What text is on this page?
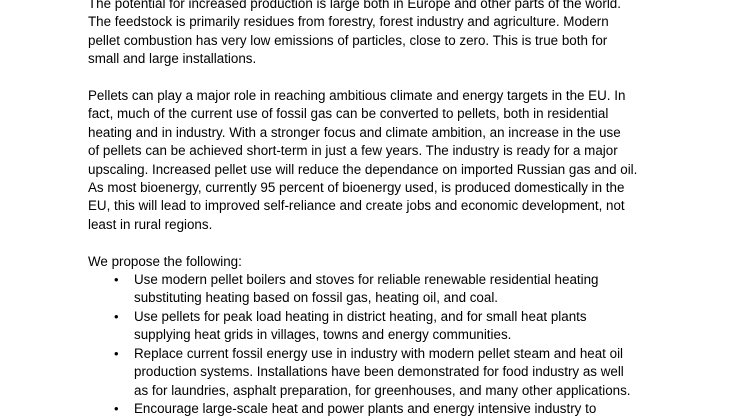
The potential for increased production is large both in Europe and other parts of the world.
The feedstock is primarily residues from forestry, forest industry and agriculture. Modern
pellet combustion has very low emissions of particles, close to zero. This is true both for
small and large installations.

Pellets can play a major role in reaching ambitious climate and energy targets in the EU. In
fact, much of the current use of fossil gas can be converted to pellets, both in residential
heating and in industry. With a stronger focus and climate ambition, an increase in the use
of pellets can be achieved short-term in just a few years. The industry is ready for a major
upscaling. Increased pellet use will reduce the dependance on imported Russian gas and oil.
As most bioenergy, currently 95 percent of bioenergy used, is produced domestically in the
EU, this will lead to improved self-reliance and create jobs and economic development, not
least in rural regions.

We propose the following:

• Use modern pellet boilers and stoves for reliable renewable residential heating
substituting heating based on fossil gas, heating oil, and coal.
• Use pellets for peak load heating in district heating, and for small heat plants
supplying heat grids in villages, towns and energy communities.
• Replace current fossil energy use in industry with modern pellet steam and heat oil
production systems. Installations have been demonstrated for food industry as well
as for laundries, asphalt preparation, for greenhouses, and many other applications.
• Encourage large-scale heat and power plants and energy intensive industry to
